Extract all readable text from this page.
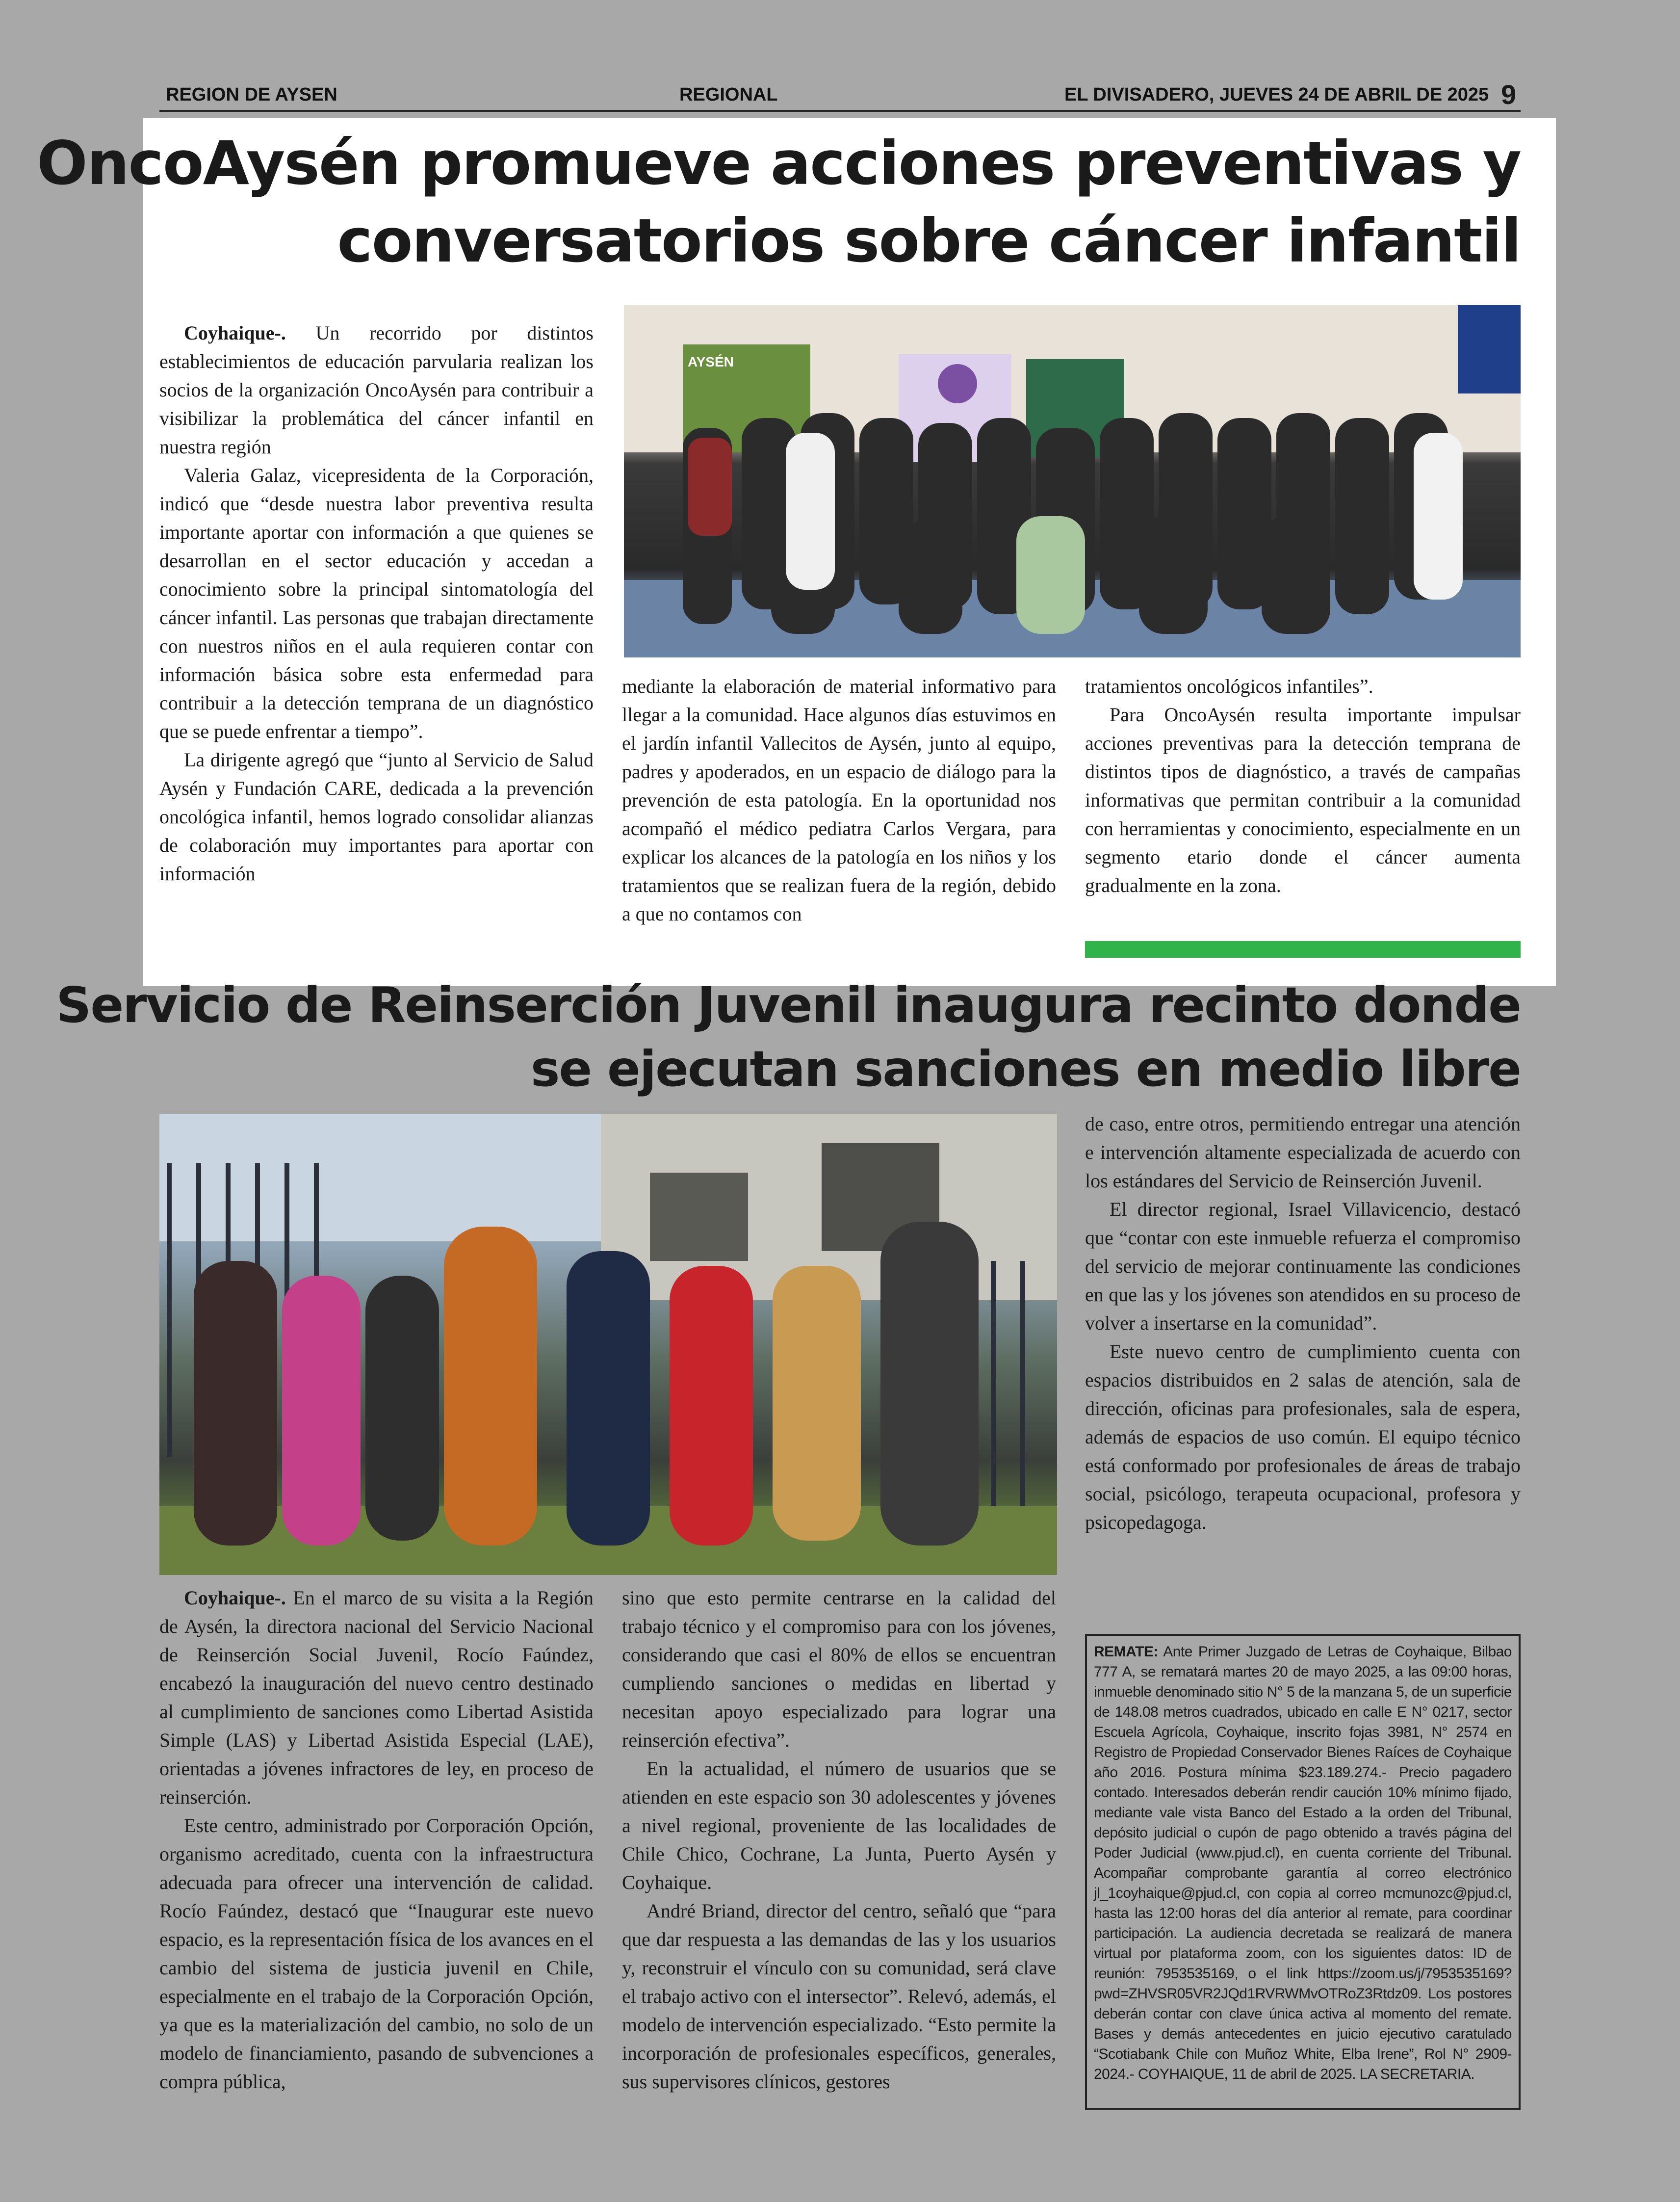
REGION DE AYSEN	REGIONAL	EL DIVISADERO, JUEVES 24 DE ABRIL DE 2025 9
OncoAysén promueve acciones preventivas y
conversatorios sobre cáncer infantil

Coyhaique-. Un recorrido por distintos establecimientos de educación parvularia realizan los socios de la organización OncoAysén para contribuir a visibilizar la problemática del cáncer infantil en nuestra región

Valeria Galaz, vicepresidenta de la Corporación, indicó que “desde nuestra labor preventiva resulta importante aportar con información a que quienes se desarrollan en el sector educación y accedan a conocimiento sobre la principal sintomatología del cáncer infantil. Las personas que trabajan directamente con nuestros niños en el aula requieren contar con información básica sobre esta enfermedad para contribuir a la detección temprana de un diagnóstico que se puede enfrentar a tiempo”.

La dirigente agregó que “junto al Servicio de Salud Aysén y Fundación CARE, dedicada a la prevención oncológica infantil, hemos logrado consolidar alianzas de colaboración muy importantes para aportar con información

AYSÉN

mediante la elaboración de material informativo para llegar a la comunidad. Hace algunos días estuvimos en el jardín infantil Vallecitos de Aysén, junto al equipo, padres y apoderados, en un espacio de diálogo para la prevención de esta patología. En la oportunidad nos acompañó el médico pediatra Carlos Vergara, para explicar los alcances de la patología en los niños y los tratamientos que se realizan fuera de la región, debido a que no contamos con

tratamientos oncológicos infantiles”.

Para OncoAysén resulta importante impulsar acciones preventivas para la detección temprana de distintos tipos de diagnóstico, a través de campañas informativas que permitan contribuir a la comunidad con herramientas y conocimiento, especialmente en un segmento etario donde el cáncer aumenta gradualmente en la zona.

Servicio de Reinserción Juvenil inaugura recinto donde
se ejecutan sanciones en medio libre

Coyhaique-. En el marco de su visita a la Región de Aysén, la directora nacional del Servicio Nacional de Reinserción Social Juvenil, Rocío Faúndez, encabezó la inauguración del nuevo centro destinado al cumplimiento de sanciones como Libertad Asistida Simple (LAS) y Libertad Asistida Especial (LAE), orientadas a jóvenes infractores de ley, en proceso de reinserción.

Este centro, administrado por Corporación Opción, organismo acreditado, cuenta con la infraestructura adecuada para ofrecer una intervención de calidad. Rocío Faúndez, destacó que “Inaugurar este nuevo espacio, es la representación física de los avances en el cambio del sistema de justicia juvenil en Chile, especialmente en el trabajo de la Corporación Opción, ya que es la materialización del cambio, no solo de un modelo de financiamiento, pasando de subvenciones a compra pública,

sino que esto permite centrarse en la calidad del trabajo técnico y el compromiso para con los jóvenes, considerando que casi el 80% de ellos se encuentran cumpliendo sanciones o medidas en libertad y necesitan apoyo especializado para lograr una reinserción efectiva”.

En la actualidad, el número de usuarios que se atienden en este espacio son 30 adolescentes y jóvenes a nivel regional, proveniente de las localidades de Chile Chico, Cochrane, La Junta, Puerto Aysén y Coyhaique.

André Briand, director del centro, señaló que “para que dar respuesta a las demandas de las y los usuarios y, reconstruir el vínculo con su comunidad, será clave el trabajo activo con el intersector”. Relevó, además, el modelo de intervención especializado. “Esto permite la incorporación de profesionales específicos, generales, sus supervisores clínicos, gestores

de caso, entre otros, permitiendo entregar una atención e intervención altamente especializada de acuerdo con los estándares del Servicio de Reinserción Juvenil.

El director regional, Israel Villavicencio, destacó que “contar con este inmueble refuerza el compromiso del servicio de mejorar continuamente las condiciones en que las y los jóvenes son atendidos en su proceso de volver a insertarse en la comunidad”.

Este nuevo centro de cumplimiento cuenta con espacios distribuidos en 2 salas de atención, sala de dirección, oficinas para profesionales, sala de espera, además de espacios de uso común. El equipo técnico está conformado por profesionales de áreas de trabajo social, psicólogo, terapeuta ocupacional, profesora y psicopedagoga.

REMATE: Ante Primer Juzgado de Letras de Coyhaique, Bilbao 777 A, se rematará martes 20 de mayo 2025, a las 09:00 horas, inmueble denominado sitio N° 5 de la manzana 5, de un superficie de 148.08 metros cuadrados, ubicado en calle E N° 0217, sector Escuela Agrícola, Coyhaique, inscrito fojas 3981, N° 2574 en Registro de Propiedad Conservador Bienes Raíces de Coyhaique año 2016. Postura mínima $23.189.274.- Precio pagadero contado. Interesados deberán rendir caución 10% mínimo fijado, mediante vale vista Banco del Estado a la orden del Tribunal, depósito judicial o cupón de pago obtenido a través página del Poder Judicial (www.pjud.cl), en cuenta corriente del Tribunal. Acompañar comprobante garantía al correo electrónico jl_1coyhaique@pjud.cl, con copia al correo mcmunozc@pjud.cl, hasta las 12:00 horas del día anterior al remate, para coordinar participación. La audiencia decretada se realizará de manera virtual por plataforma zoom, con los siguientes datos: ID de reunión: 7953535169, o el link https://zoom.us/j/7953535169? pwd=ZHVSR05VR2JQd1RVRWMvOTRoZ3Rtdz09. Los postores deberán contar con clave única activa al momento del remate. Bases y demás antecedentes en juicio ejecutivo caratulado “Scotiabank Chile con Muñoz White, Elba Irene”, Rol N° 2909-2024.- COYHAIQUE, 11 de abril de 2025. LA SECRETARIA.
